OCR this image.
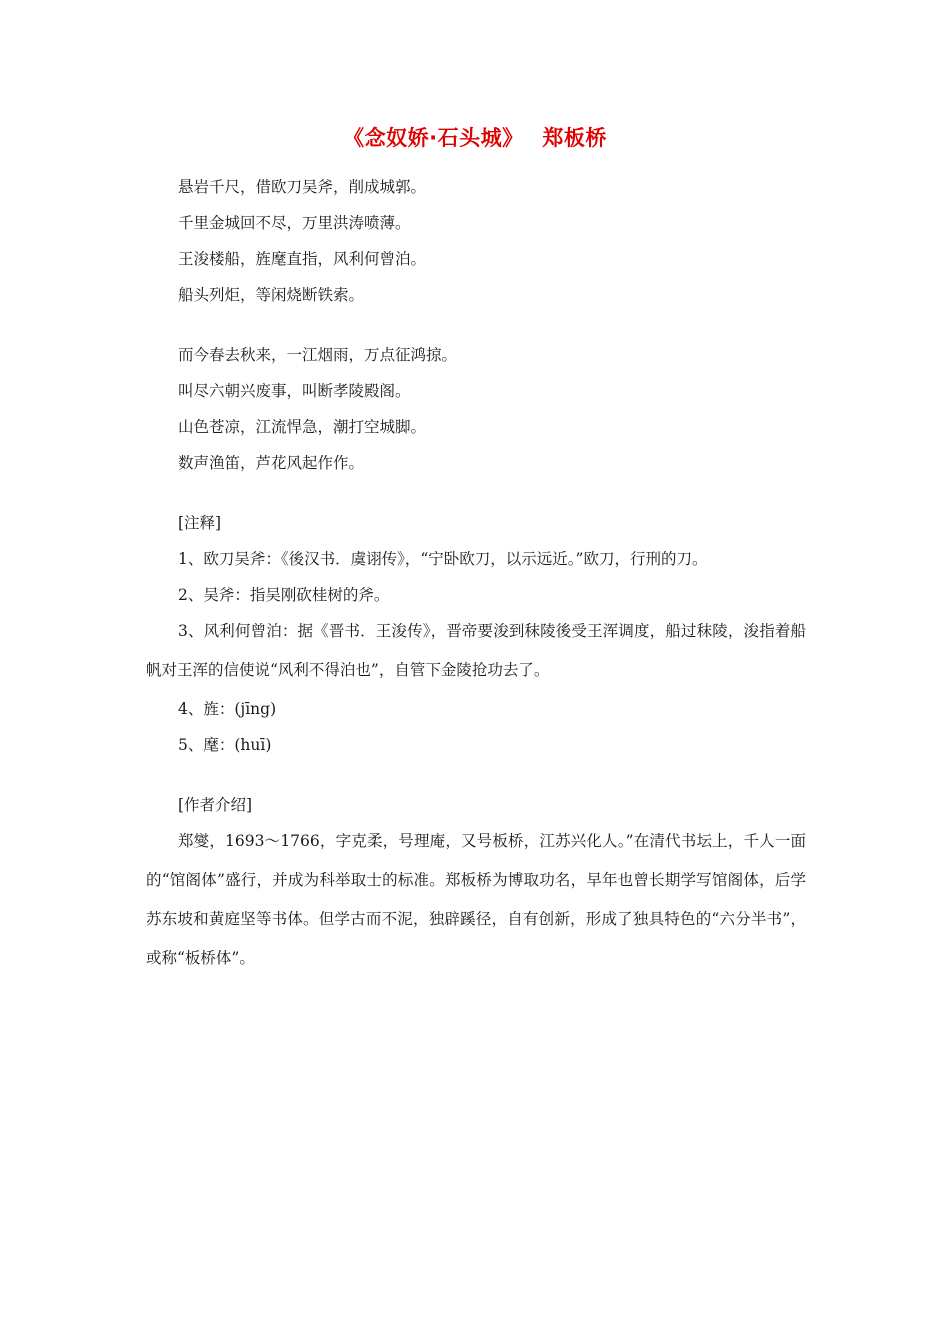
《念奴娇·石头城》　 郑板桥
悬岩千尺，借欧刀吴斧，削成城郭。
千里金城回不尽，万里洪涛喷薄。
王浚楼船，旌麾直指，风利何曾泊。
船头列炬，等闲烧断铁索。
而今春去秋来，一江烟雨，万点征鸿掠。
叫尽六朝兴废事，叫断孝陵殿阁。
山色苍凉，江流悍急，潮打空城脚。
数声渔笛，芦花风起作作。
[注释]
1、欧刀吴斧：《後汉书．虞诩传》，“宁卧欧刀，以示远近。”欧刀，行刑的刀。
2、吴斧：指吴刚砍桂树的斧。
3、风利何曾泊：据《晋书．王浚传》，晋帝要浚到秣陵後受王浑调度，船过秣陵，浚指着船帆对王浑的信使说“风利不得泊也”，自管下金陵抢功去了。
4、旌：(jīng)
5、麾：(huī)
[作者介绍]
郑燮，1693～1766，字克柔，号理庵，又号板桥，江苏兴化人。”在清代书坛上，千人一面的“馆阁体”盛行，并成为科举取士的标准。郑板桥为博取功名，早年也曾长期学写馆阁体，后学苏东坡和黄庭坚等书体。但学古而不泥，独辟蹊径，自有创新，形成了独具特色的“六分半书”，或称“板桥体”。
